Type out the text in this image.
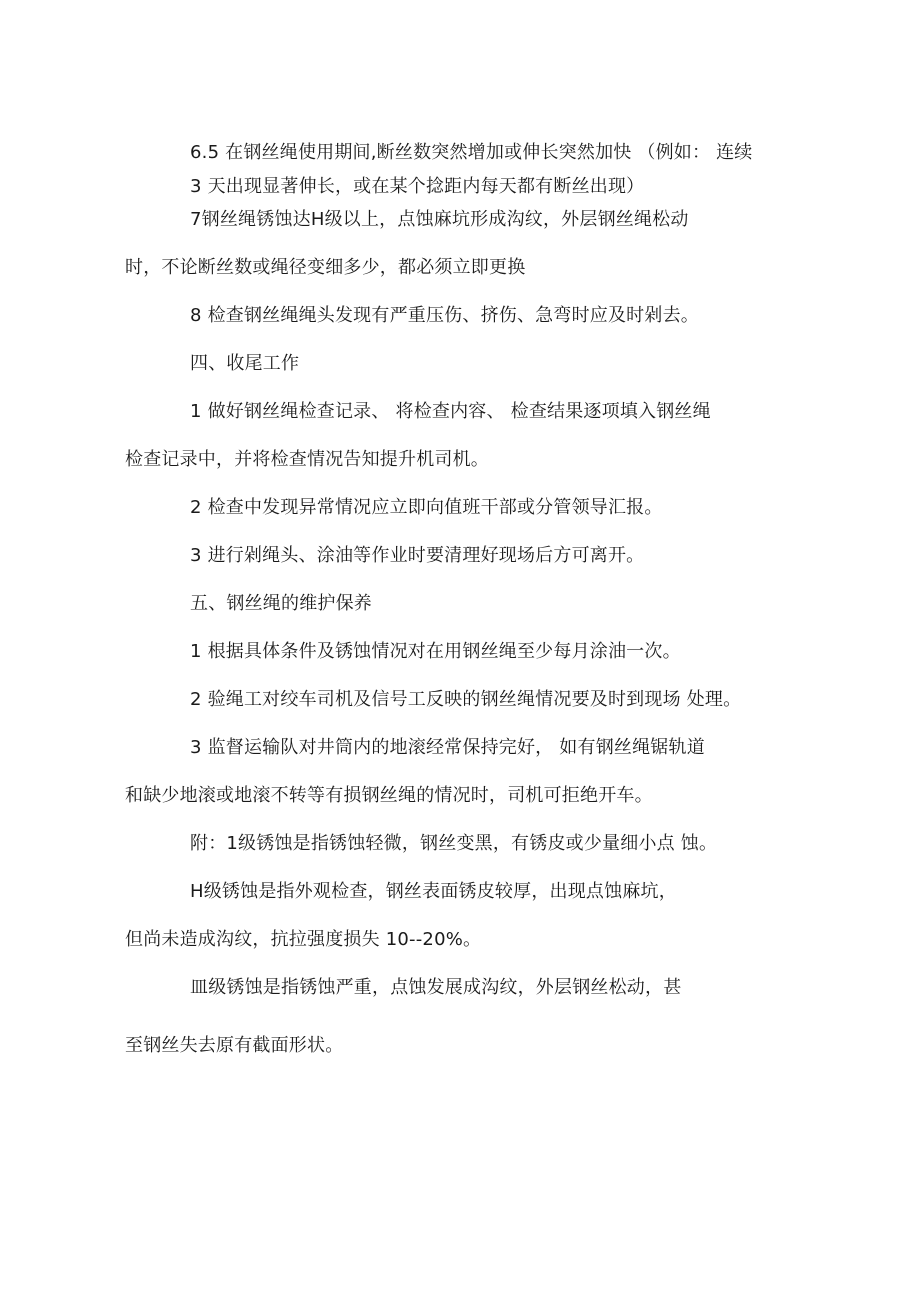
6.5 在钢丝绳使用期间,断丝数突然增加或伸长突然加快 （例如： 连续
3 天出现显著伸长，或在某个捻距内每天都有断丝出现）
7钢丝绳锈蚀达H级以上，点蚀麻坑形成沟纹，外层钢丝绳松动
时，不论断丝数或绳径变细多少，都必须立即更换
8 检查钢丝绳绳头发现有严重压伤、挤伤、急弯时应及时剁去。
四、收尾工作
1 做好钢丝绳检查记录、 将检查内容、 检查结果逐项填入钢丝绳
检查记录中，并将检查情况告知提升机司机。
2 检查中发现异常情况应立即向值班干部或分管领导汇报。
3 进行剁绳头、涂油等作业时要清理好现场后方可离开。
五、钢丝绳的维护保养
1 根据具体条件及锈蚀情况对在用钢丝绳至少每月涂油一次。
2 验绳工对绞车司机及信号工反映的钢丝绳情况要及时到现场 处理。
3 监督运输队对井筒内的地滚经常保持完好， 如有钢丝绳锯轨道
和缺少地滚或地滚不转等有损钢丝绳的情况时，司机可拒绝开车。
附：1级锈蚀是指锈蚀轻微，钢丝变黑，有锈皮或少量细小点 蚀。
H级锈蚀是指外观检查，钢丝表面锈皮较厚，出现点蚀麻坑，
但尚未造成沟纹，抗拉强度损失 10--20%。
皿级锈蚀是指锈蚀严重，点蚀发展成沟纹，外层钢丝松动，甚
至钢丝失去原有截面形状。
